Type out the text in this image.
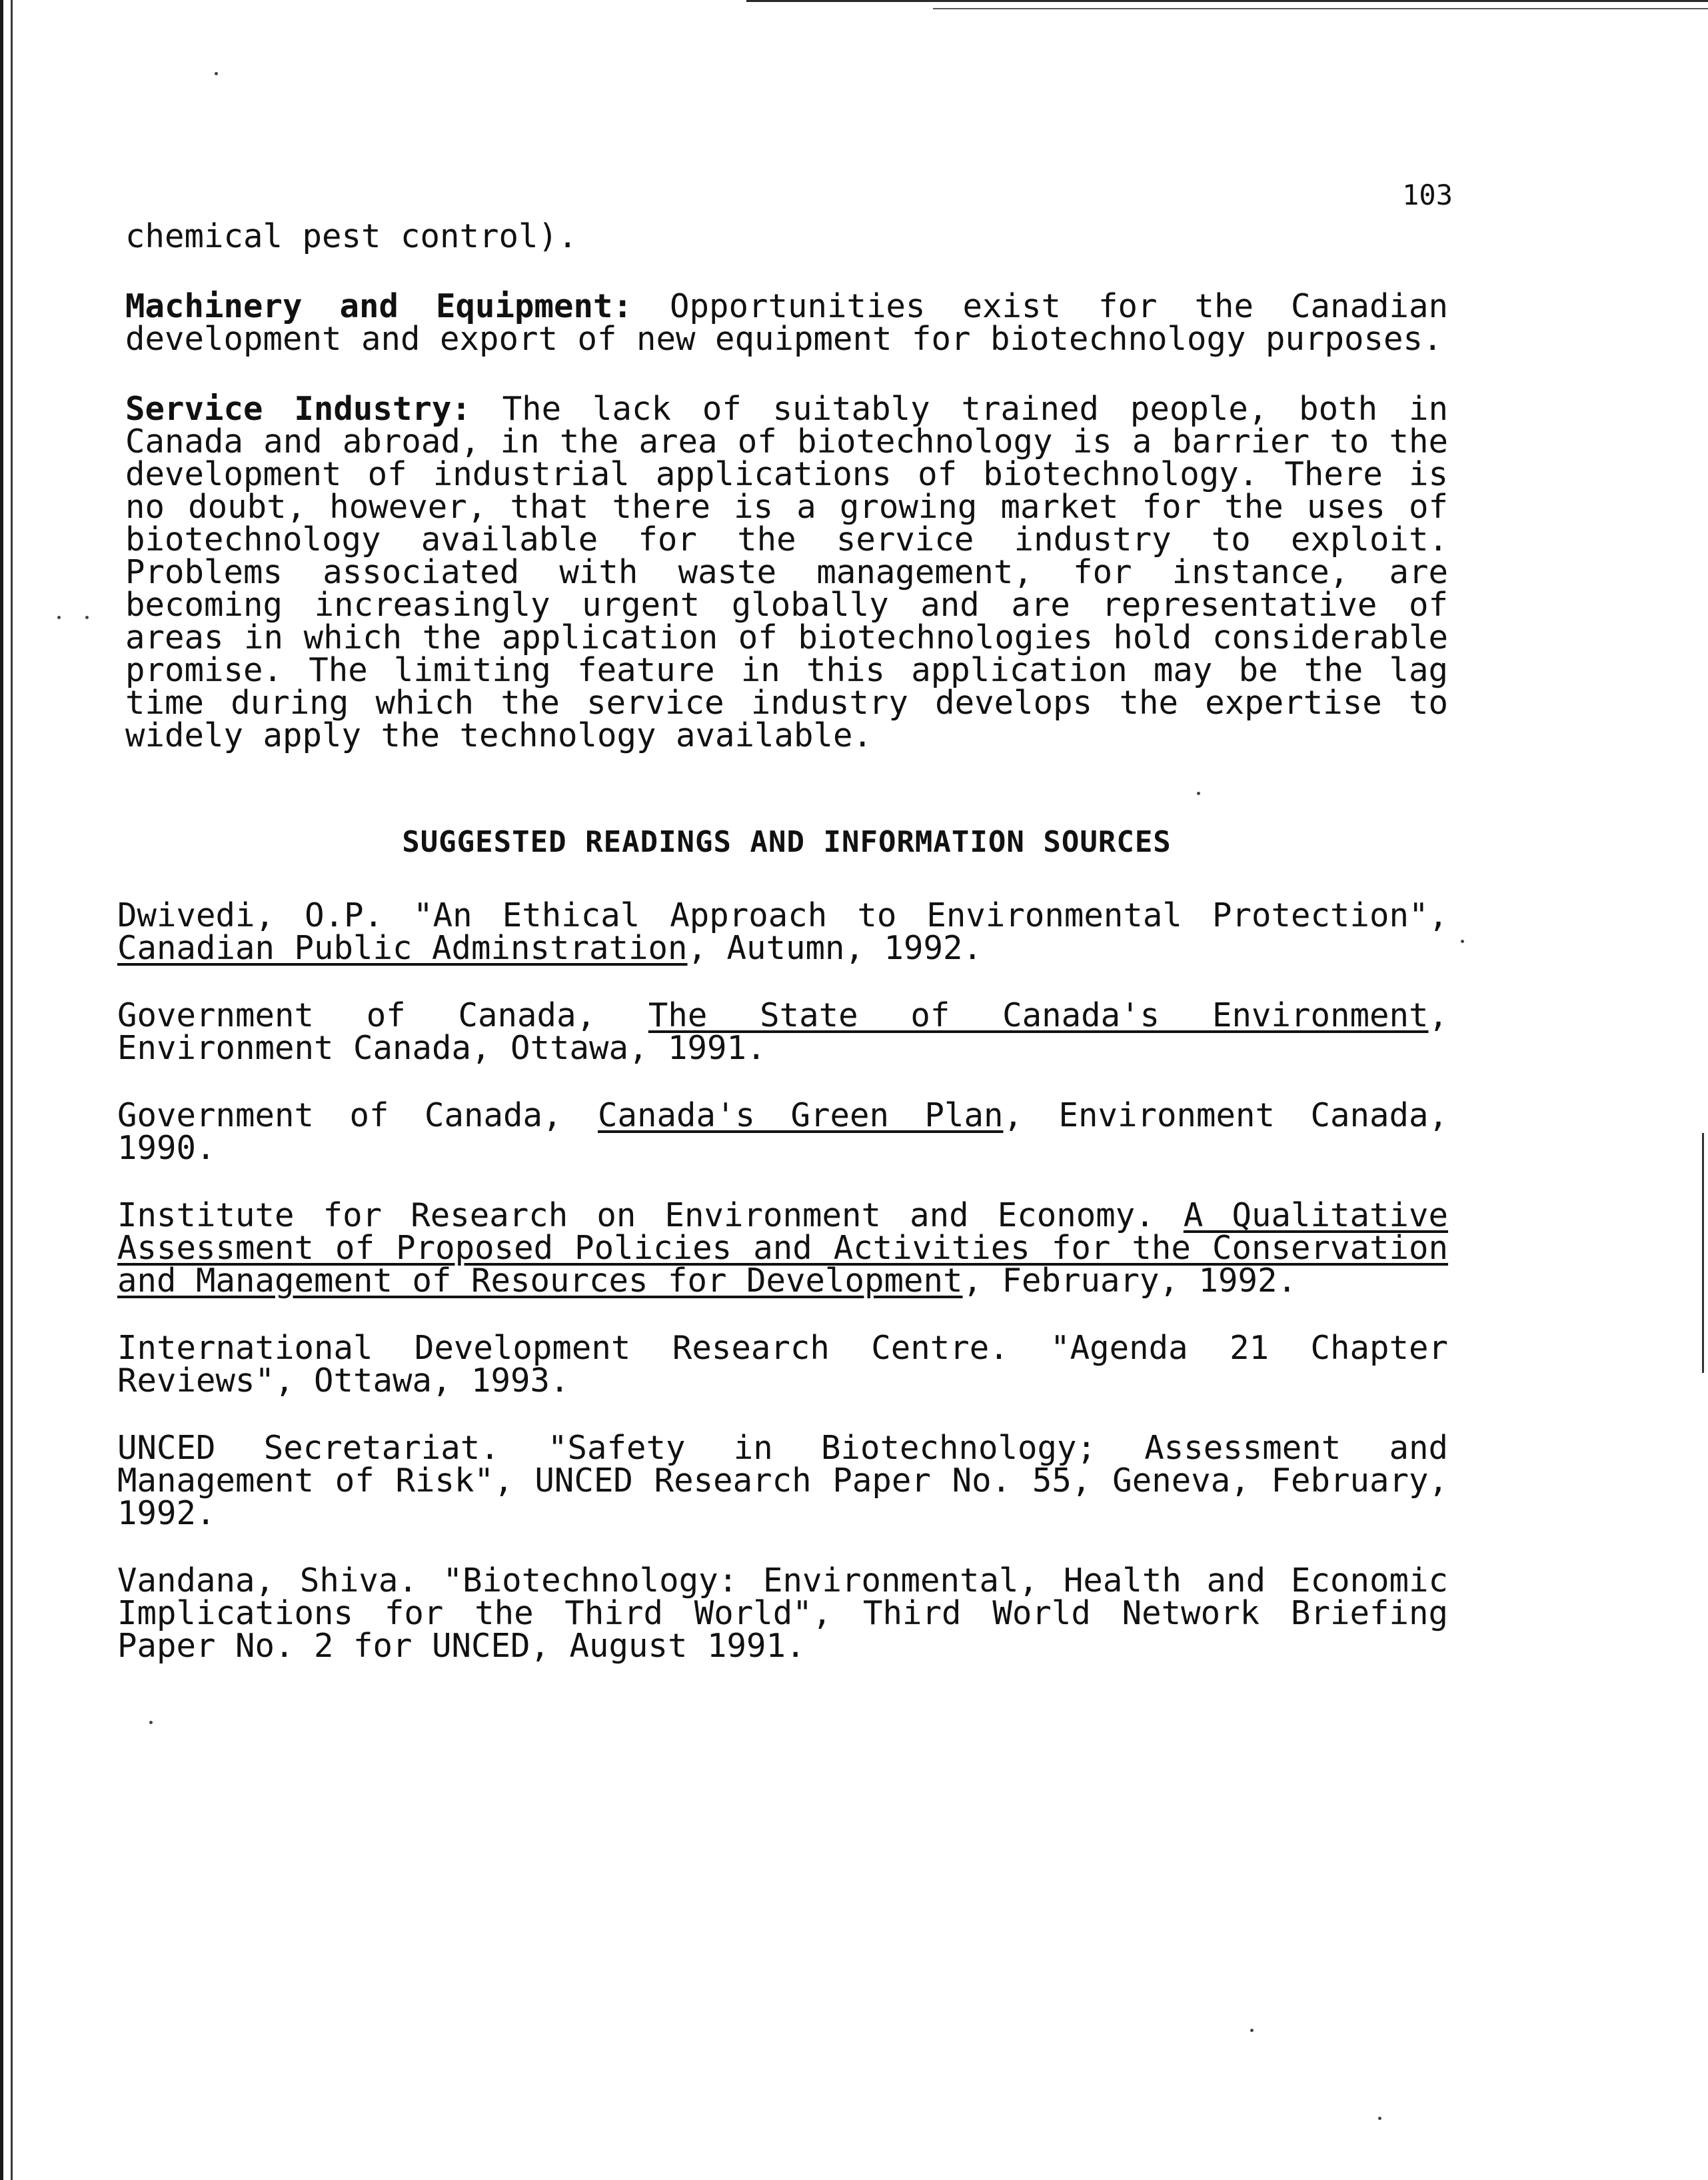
103

chemical pest control).

Machinery and Equipment: Opportunities exist for the Canadian development and export of new equipment for biotechnology purposes.

Service Industry: The lack of suitably trained people, both in Canada and abroad, in the area of biotechnology is a barrier to the development of industrial applications of biotechnology. There is no doubt, however, that there is a growing market for the uses of biotechnology available for the service industry to exploit. Problems associated with waste management, for instance, are becoming increasingly urgent globally and are representative of areas in which the application of biotechnologies hold considerable promise. The limiting feature in this application may be the lag time during which the service industry develops the expertise to widely apply the technology available.

SUGGESTED READINGS AND INFORMATION SOURCES

Dwivedi, O.P. "An Ethical Approach to Environmental Protection", Canadian Public Adminstration, Autumn, 1992.

Government of Canada, The State of Canada's Environment, Environment Canada, Ottawa, 1991.

Government of Canada, Canada's Green Plan, Environment Canada, 1990.

Institute for Research on Environment and Economy. A Qualitative Assessment of Proposed Policies and Activities for the Conservation and Management of Resources for Development, February, 1992.

International Development Research Centre. "Agenda 21 Chapter Reviews", Ottawa, 1993.

UNCED Secretariat. "Safety in Biotechnology; Assessment and Management of Risk", UNCED Research Paper No. 55, Geneva, February, 1992.

Vandana, Shiva. "Biotechnology: Environmental, Health and Economic Implications for the Third World", Third World Network Briefing Paper No. 2 for UNCED, August 1991.
